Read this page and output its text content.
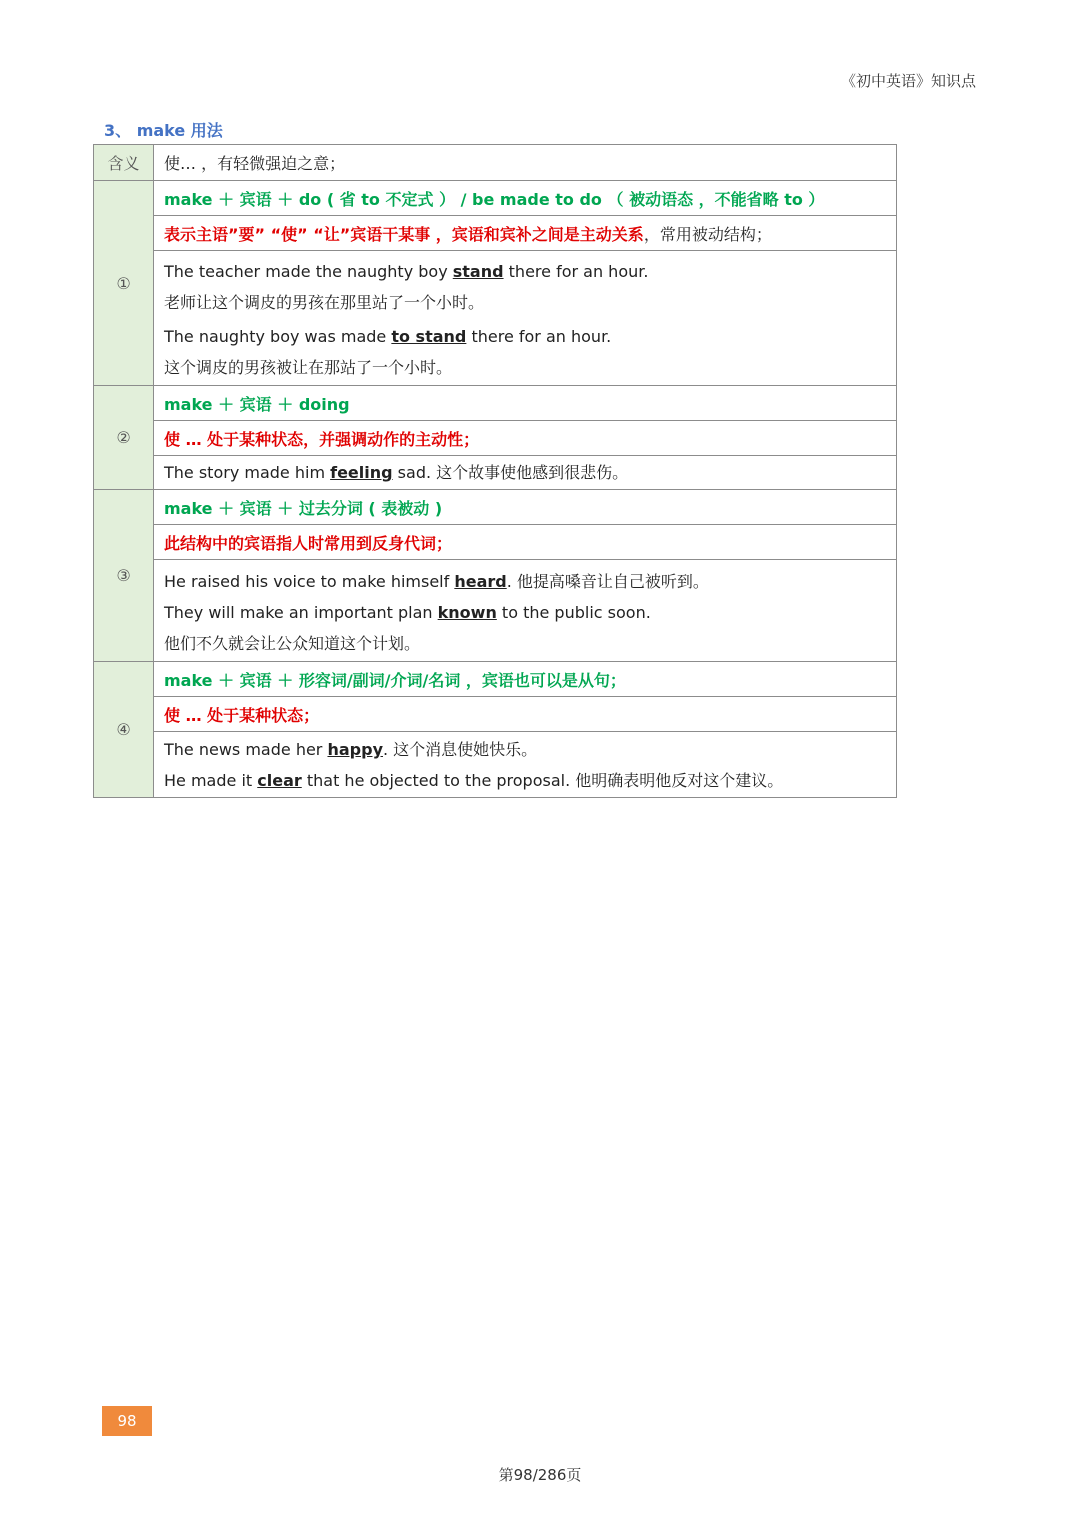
《初中英语》知识点
3、 make 用法
含义	使… ，有轻微强迫之意；
①	make ＋ 宾语 ＋ do ( 省 to 不定式 ） / be made to do （ 被动语态 ，不能省略 to ）
	表示主语”要” “使” “让”宾语干某事 ，宾语和宾补之间是主动关系，常用被动结构；

	The teacher made the naughty boy stand there for an hour.
老师让这个调皮的男孩在那里站了一个小时。
The naughty boy was made to stand there for an hour.
这个调皮的男孩被让在那站了一个小时。

②	make ＋ 宾语 ＋ doing
	使 … 处于某种状态，并强调动作的主动性；

	The story made him feeling sad. 这个故事使他感到很悲伤。

③	make ＋ 宾语 ＋ 过去分词 ( 表被动 )
	此结构中的宾语指人时常用到反身代词；

	He raised his voice to make himself heard. 他提高嗓音让自己被听到。
They will make an important plan known to the public soon.
他们不久就会让公众知道这个计划。

④	make ＋ 宾语 ＋ 形容词/副词/介词/名词 ，宾语也可以是从句；
	使 … 处于某种状态；

	The news made her happy. 这个消息使她快乐。
He made it clear that he objected to the proposal. 他明确表明他反对这个建议。
98
第98/286页
